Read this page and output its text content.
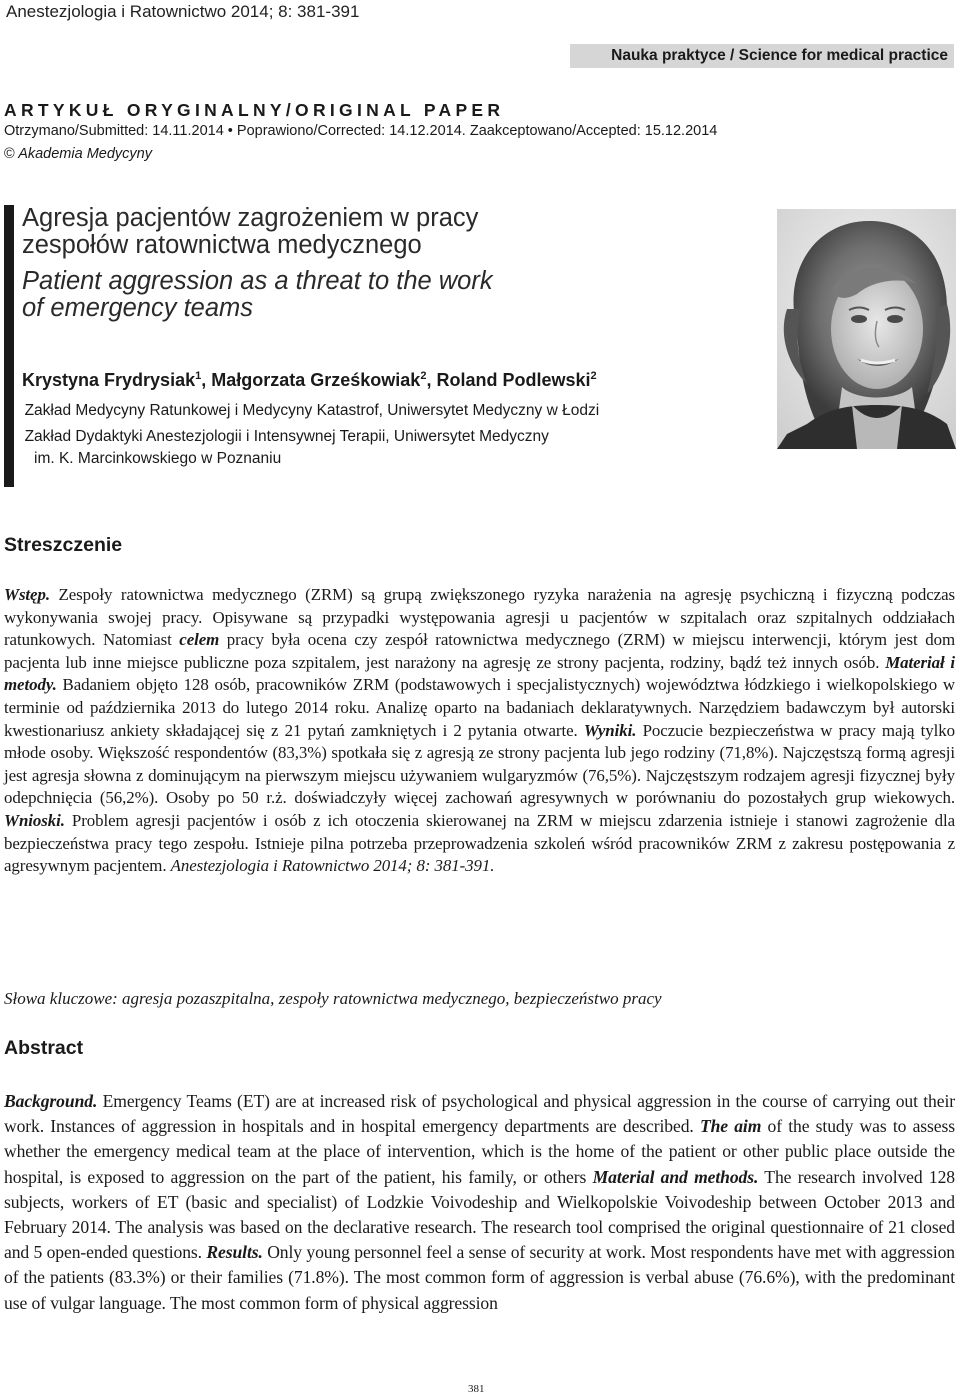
Anestezjologia i Ratownictwo 2014; 8: 381-391
Nauka praktyce / Science for medical practice
ARTYKUŁ ORYGINALNY/ORIGINAL PAPER
Otrzymano/Submitted: 14.11.2014 • Poprawiono/Corrected: 14.12.2014. Zaakceptowano/Accepted: 15.12.2014
© Akademia Medycyny
Agresja pacjentów zagrożeniem w pracy
zespołów ratownictwa medycznego
Patient aggression as a threat to the work
of emergency teams
Krystyna Frydrysiak$^1$, Małgorzata Grześkowiak$^2$, Roland Podlewski$^2$
$^1$ Zakład Medycyny Ratunkowej i Medycyny Katastrof, Uniwersytet Medyczny w Łodzi
$^2$ Zakład Dydaktyki Anestezjologii i Intensywnej Terapii, Uniwersytet Medyczny
im. K. Marcinkowskiego w Poznaniu
Streszczenie

Wstęp. Zespoły ratownictwa medycznego (ZRM) są grupą zwiększonego ryzyka narażenia na agresję psychiczną i fizyczną podczas wykonywania swojej pracy. Opisywane są przypadki występowania agresji u pacjentów w szpitalach oraz szpitalnych oddziałach ratunkowych. Natomiast celem pracy była ocena czy zespół ratownictwa medycznego (ZRM) w miejscu interwencji, którym jest dom pacjenta lub inne miejsce publiczne poza szpitalem, jest narażony na agresję ze strony pacjenta, rodziny, bądź też innych osób. Materiał i metody. Badaniem objęto 128 osób, pracowników ZRM (podstawowych i specjalistycznych) województwa łódzkiego i wielkopolskiego w terminie od października 2013 do lutego 2014 roku. Analizę oparto na badaniach deklaratywnych. Narzędziem badawczym był autorski kwestionariusz ankiety składającej się z 21 pytań zamkniętych i 2 pytania otwarte. Wyniki. Poczucie bezpieczeństwa w pracy mają tylko młode osoby. Większość respondentów (83,3%) spotkała się z agresją ze strony pacjenta lub jego rodziny (71,8%). Najczęstszą formą agresji jest agresja słowna z dominującym na pierwszym miejscu używaniem wulgaryzmów (76,5%). Najczęstszym rodzajem agresji fizycznej były odepchnięcia (56,2%). Osoby po 50 r.ż. doświadczyły więcej zachowań agresywnych w porównaniu do pozostałych grup wiekowych. Wnioski. Problem agresji pacjentów i osób z ich otoczenia skierowanej na ZRM w miejscu zdarzenia istnieje i stanowi zagrożenie dla bezpieczeństwa pracy tego zespołu. Istnieje pilna potrzeba przeprowadzenia szkoleń wśród pracowników ZRM z zakresu postępowania z agresywnym pacjentem. Anestezjologia i Ratownictwo 2014; 8: 381-391.

Słowa kluczowe: agresja pozaszpitalna, zespoły ratownictwa medycznego, bezpieczeństwo pracy
Abstract

Background. Emergency Teams (ET) are at increased risk of psychological and physical aggression in the course of carrying out their work. Instances of aggression in hospitals and in hospital emergency departments are described. The aim of the study was to assess whether the emergency medical team at the place of intervention, which is the home of the patient or other public place outside the hospital, is exposed to aggression on the part of the patient, his family, or others Material and methods. The research involved 128 subjects, workers of ET (basic and specialist) of Lodzkie Voivodeship and Wielkopolskie Voivodeship between October 2013 and February 2014. The analysis was based on the declarative research. The research tool comprised the original questionnaire of 21 closed and 5 open-ended questions. Results. Only young personnel feel a sense of security at work. Most respondents have met with aggression of the patients (83.3%) or their families (71.8%). The most common form of aggression is verbal abuse (76.6%), with the predominant use of vulgar language. The most common form of physical aggression

381
